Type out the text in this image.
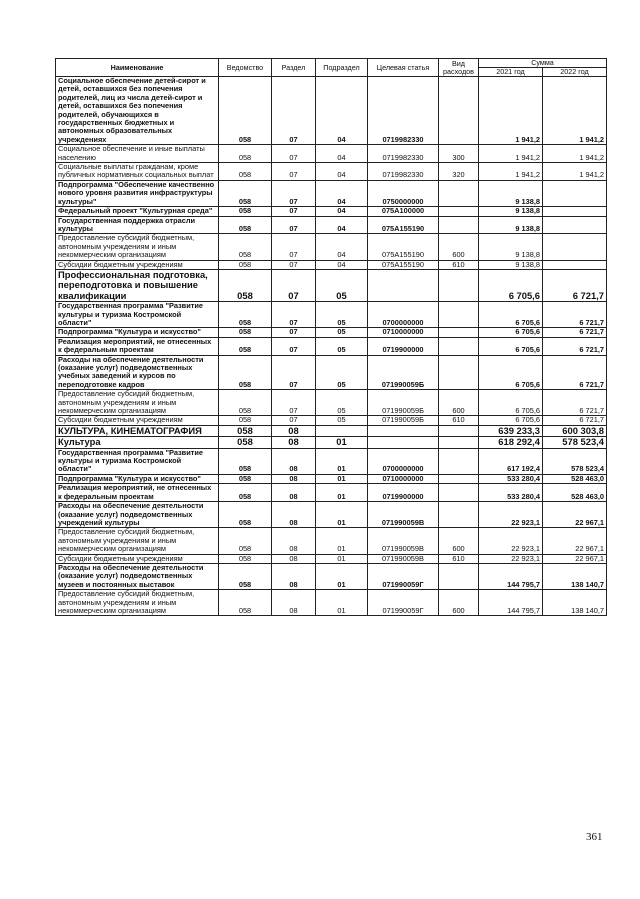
Наименование	Ведомство	Раздел	Подраздел	Целевая статья	Вид расходов	Сумма	
						2021 год	2022 год
Социальное обеспечение детей-сирот и детей, оставшихся без попечения родителей, лиц из числа детей-сирот и детей, оставшихся без попечения родителей, обучающихся в государственных бюджетных и автономных образовательных учреждениях	058	07	04	0719982330		1 941,2	1 941,2
Социальное обеспечение и иные выплаты населению	058	07	04	0719982330	300	1 941,2	1 941,2
Социальные выплаты гражданам, кроме публичных нормативных социальных выплат	058	07	04	0719982330	320	1 941,2	1 941,2
Подпрограмма "Обеспечение качественно нового уровня развития инфраструктуры культуры"	058	07	04	0750000000		9 138,8	
Федеральный проект "Культурная среда"	058	07	04	075А100000		9 138,8	
Государственная поддержка отрасли культуры	058	07	04	075А155190		9 138,8	
Предоставление субсидий бюджетным, автономным учреждениям и иным некоммерческим организациям	058	07	04	075А155190	600	9 138,8	
Субсидии бюджетным учреждениям	058	07	04	075А155190	610	9 138,8	
Профессиональная подготовка, переподготовка и повышение квалификации	058	07	05			6 705,6	6 721,7
Государственная программа "Развитие культуры и туризма Костромской области"	058	07	05	0700000000		6 705,6	6 721,7
Подпрограмма "Культура и искусство"	058	07	05	0710000000		6 705,6	6 721,7
Реализация мероприятий, не отнесенных к федеральным проектам	058	07	05	0719900000		6 705,6	6 721,7
Расходы на обеспечение деятельности (оказание услуг) подведомственных учебных заведений и курсов по переподготовке кадров	058	07	05	071990059Б		6 705,6	6 721,7
Предоставление субсидий бюджетным, автономным учреждениям и иным некоммерческим организациям	058	07	05	071990059Б	600	6 705,6	6 721,7
Субсидии бюджетным учреждениям	058	07	05	071990059Б	610	6 705,6	6 721,7
КУЛЬТУРА, КИНЕМАТОГРАФИЯ	058	08				639 233,3	600 303,8
Культура	058	08	01			618 292,4	578 523,4
Государственная программа "Развитие культуры и туризма Костромской области"	058	08	01	0700000000		617 192,4	578 523,4
Подпрограмма "Культура и искусство"	058	08	01	0710000000		533 280,4	528 463,0
Реализация мероприятий, не отнесенных к федеральным проектам	058	08	01	0719900000		533 280,4	528 463,0
Расходы на обеспечение деятельности (оказание услуг) подведомственных учреждений культуры	058	08	01	071990059В		22 923,1	22 967,1
Предоставление субсидий бюджетным, автономным учреждениям и иным некоммерческим организациям	058	08	01	071990059В	600	22 923,1	22 967,1
Субсидии бюджетным учреждениям	058	08	01	071990059В	610	22 923,1	22 967,1
Расходы на обеспечение деятельности (оказание услуг) подведомственных музеев и постоянных выставок	058	08	01	071990059Г		144 795,7	138 140,7
Предоставление субсидий бюджетным, автономным учреждениям и иным некоммерческим организациям	058	08	01	071990059Г	600	144 795,7	138 140,7
361
